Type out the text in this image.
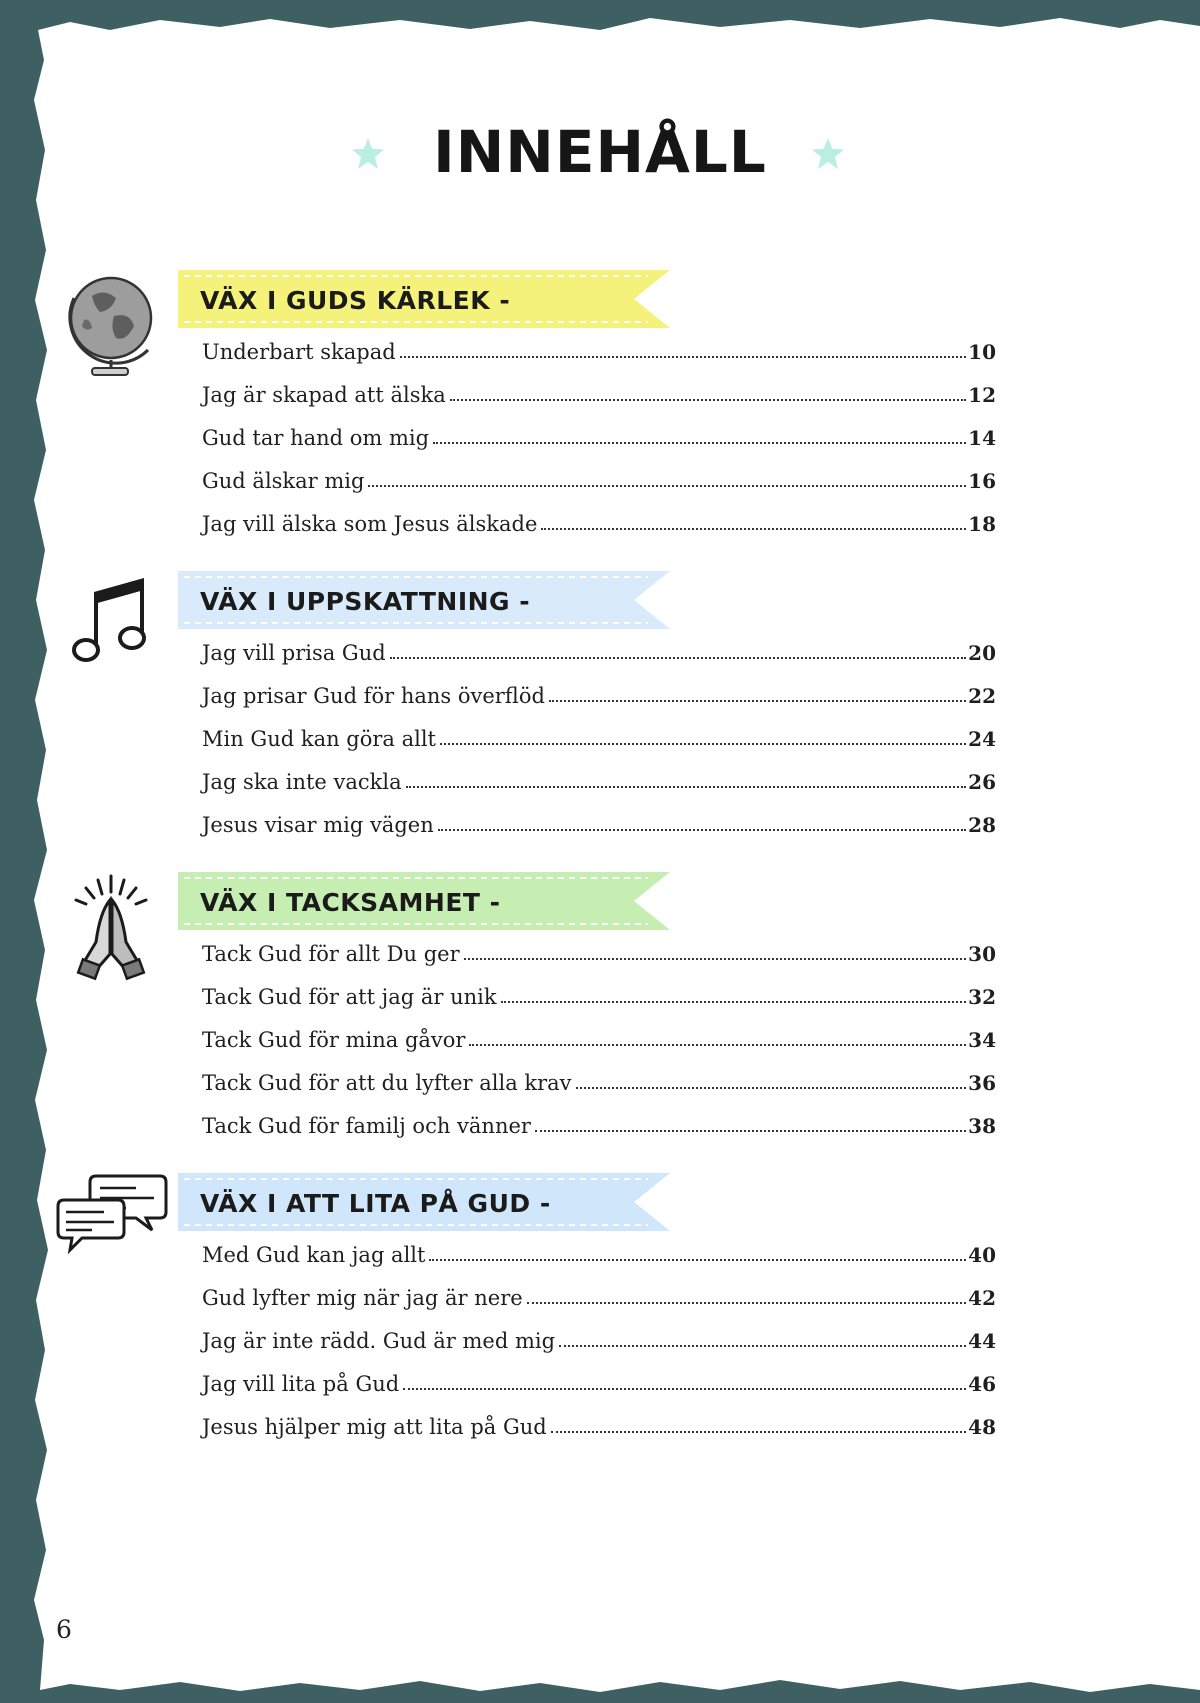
INNEHÅLL
VÄX I GUDS KÄRLEK -
Underbart skapad	10
Jag är skapad att älska	12
Gud tar hand om mig	14
Gud älskar mig	16
Jag vill älska som Jesus älskade	18
VÄX I UPPSKATTNING -
Jag vill prisa Gud	20
Jag prisar Gud för hans överflöd	22
Min Gud kan göra allt	24
Jag ska inte vackla	26
Jesus visar mig vägen	28
VÄX I TACKSAMHET -
Tack Gud för allt Du ger	30
Tack Gud för att jag är unik	32
Tack Gud för mina gåvor	34
Tack Gud för att du lyfter alla krav	36
Tack Gud för familj och vänner	38
VÄX I ATT LITA PÅ GUD -
Med Gud kan jag allt	40
Gud lyfter mig när jag är nere	42
Jag är inte rädd. Gud är med mig	44
Jag vill lita på Gud	46
Jesus hjälper mig att lita på Gud	48
6
